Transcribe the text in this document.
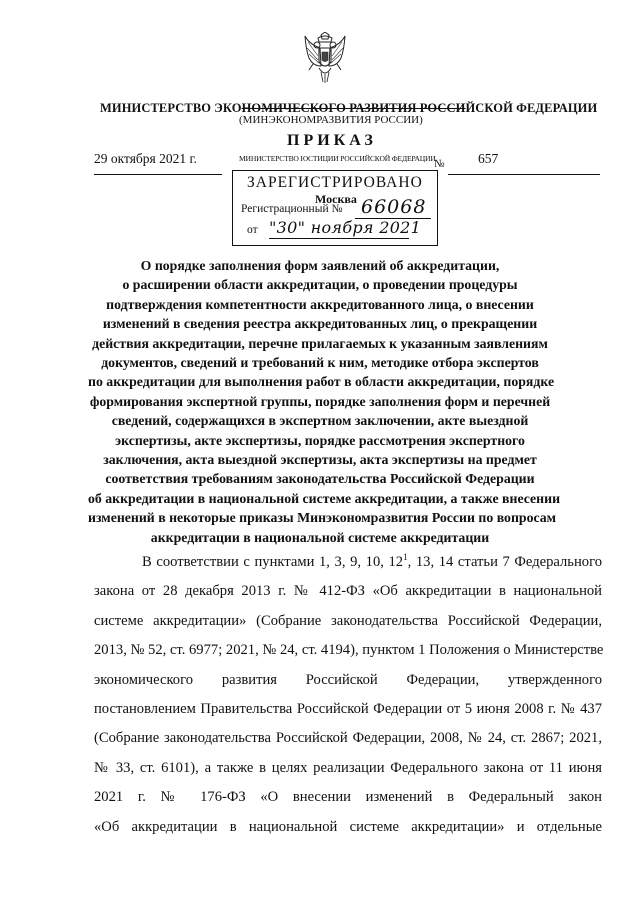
МИНИСТЕРСТВО ЭКОНОМИЧЕСКОГО РАЗВИТИЯ РОССИЙСКОЙ ФЕДЕРАЦИИ
29 октября 2021 г.	№ 657
(МИНЭКОНОМРАЗВИТИЯ РОССИИ)
ПРИКАЗ
МИНИСТЕРСТВО ЮСТИЦИИ РОССИЙСКОЙ ФЕДЕРАЦИИ
ЗАРЕГИСТРИРОВАНО
Москва
Регистрационный № 66068
от "30" ноября 2021
О порядке заполнения форм заявлений об аккредитации,
о расширении области аккредитации, о проведении процедуры
подтверждения компетентности аккредитованного лица, о внесении
изменений в сведения реестра аккредитованных лиц, о прекращении
действия аккредитации, перечне прилагаемых к указанным заявлениям
документов, сведений и требований к ним, методике отбора экспертов
по аккредитации для выполнения работ в области аккредитации, порядке
формирования экспертной группы, порядке заполнения форм и перечней
сведений, содержащихся в экспертном заключении, акте выездной
экспертизы, акте экспертизы, порядке рассмотрения экспертного
заключения, акта выездной экспертизы, акта экспертизы на предмет
соответствия требованиям законодательства Российской Федерации
об аккредитации в национальной системе аккредитации, а также внесении
изменений в некоторые приказы Минэкономразвития России по вопросам
аккредитации в национальной системе аккредитации
В соответствии с пунктами 1, 3, 9, 10, $12^1$, 13, 14 статьи 7 Федерального
закона от 28 декабря 2013 г. № 412-ФЗ «Об аккредитации в национальной
системе аккредитации» (Собрание законодательства Российской Федерации,
2013, № 52, ст. 6977; 2021, № 24, ст. 4194), пунктом 1 Положения о Министерстве
экономического развития Российской Федерации, утвержденного
постановлением Правительства Российской Федерации от 5 июня 2008 г. № 437
(Собрание законодательства Российской Федерации, 2008, № 24, ст. 2867; 2021,
№ 33, ст. 6101), а также в целях реализации Федерального закона от 11 июня
2021 г. № 176-ФЗ «О внесении изменений в Федеральный закон
«Об аккредитации в национальной системе аккредитации» и отдельные
